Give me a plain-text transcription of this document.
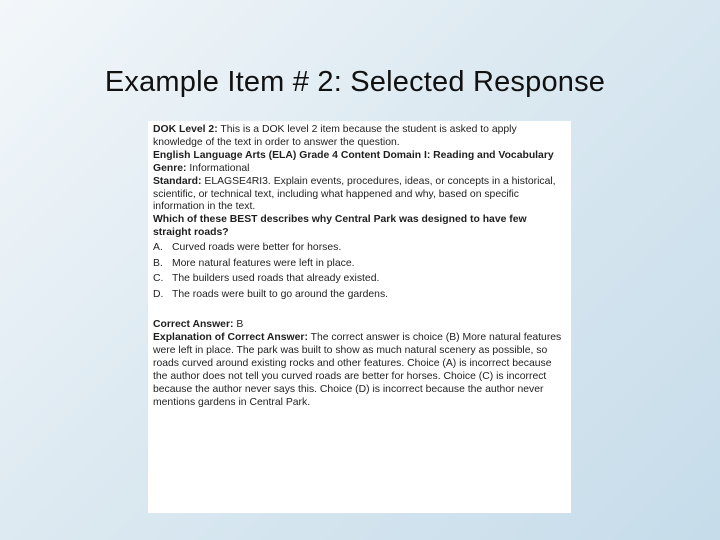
Example Item # 2: Selected Response

DOK Level 2: This is a DOK level 2 item because the student is asked to apply knowledge of the text in order to answer the question.

English Language Arts (ELA) Grade 4 Content Domain I: Reading and Vocabulary

Genre: Informational

Standard: ELAGSE4RI3. Explain events, procedures, ideas, or concepts in a historical, scientific, or technical text, including what happened and why, based on specific information in the text.

Which of these BEST describes why Central Park was designed to have few straight roads?

A. Curved roads were better for horses.
B. More natural features were left in place.
C. The builders used roads that already existed.
D. The roads were built to go around the gardens.

Correct Answer: B

Explanation of Correct Answer: The correct answer is choice (B) More natural features were left in place. The park was built to show as much natural scenery as possible, so roads curved around existing rocks and other features. Choice (A) is incorrect because the author does not tell you curved roads are better for horses. Choice (C) is incorrect because the author never says this. Choice (D) is incorrect because the author never mentions gardens in Central Park.
